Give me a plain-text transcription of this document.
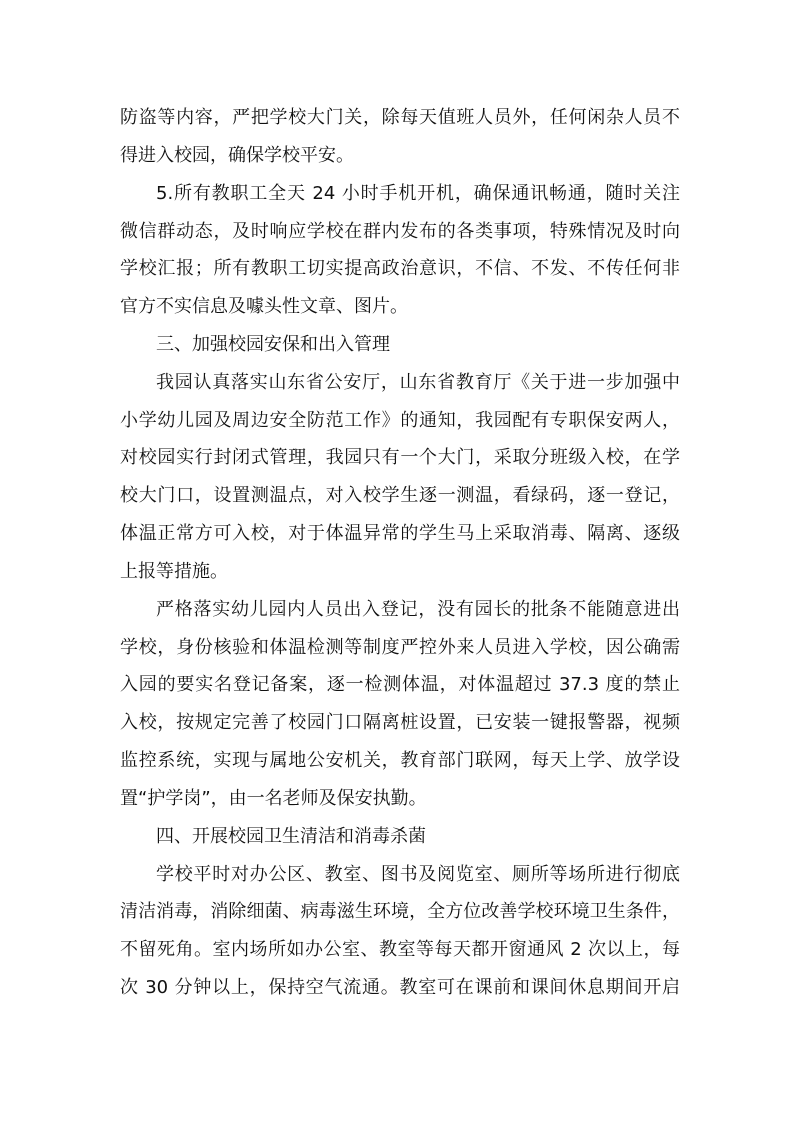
防盗等内容，严把学校大门关，除每天值班人员外，任何闲杂人员不
得进入校园，确保学校平安。
5.所有教职工全天 24 小时手机开机，确保通讯畅通，随时关注
微信群动态，及时响应学校在群内发布的各类事项，特殊情况及时向
学校汇报；所有教职工切实提高政治意识，不信、不发、不传任何非
官方不实信息及噱头性文章、图片。
三、加强校园安保和出入管理
我园认真落实山东省公安厅，山东省教育厅《关于进一步加强中
小学幼儿园及周边安全防范工作》的通知，我园配有专职保安两人，
对校园实行封闭式管理，我园只有一个大门，采取分班级入校，在学
校大门口，设置测温点，对入校学生逐一测温，看绿码，逐一登记，
体温正常方可入校，对于体温异常的学生马上采取消毒、隔离、逐级
上报等措施。
严格落实幼儿园内人员出入登记，没有园长的批条不能随意进出
学校，身份核验和体温检测等制度严控外来人员进入学校，因公确需
入园的要实名登记备案，逐一检测体温，对体温超过 37.3 度的禁止
入校，按规定完善了校园门口隔离桩设置，已安装一键报警器，视频
监控系统，实现与属地公安机关，教育部门联网，每天上学、放学设
置“护学岗”，由一名老师及保安执勤。
四、开展校园卫生清洁和消毒杀菌
学校平时对办公区、教室、图书及阅览室、厕所等场所进行彻底
清洁消毒，消除细菌、病毒滋生环境，全方位改善学校环境卫生条件，
不留死角。室内场所如办公室、教室等每天都开窗通风 2 次以上，每
次 30 分钟以上，保持空气流通。教室可在课前和课间休息期间开启
